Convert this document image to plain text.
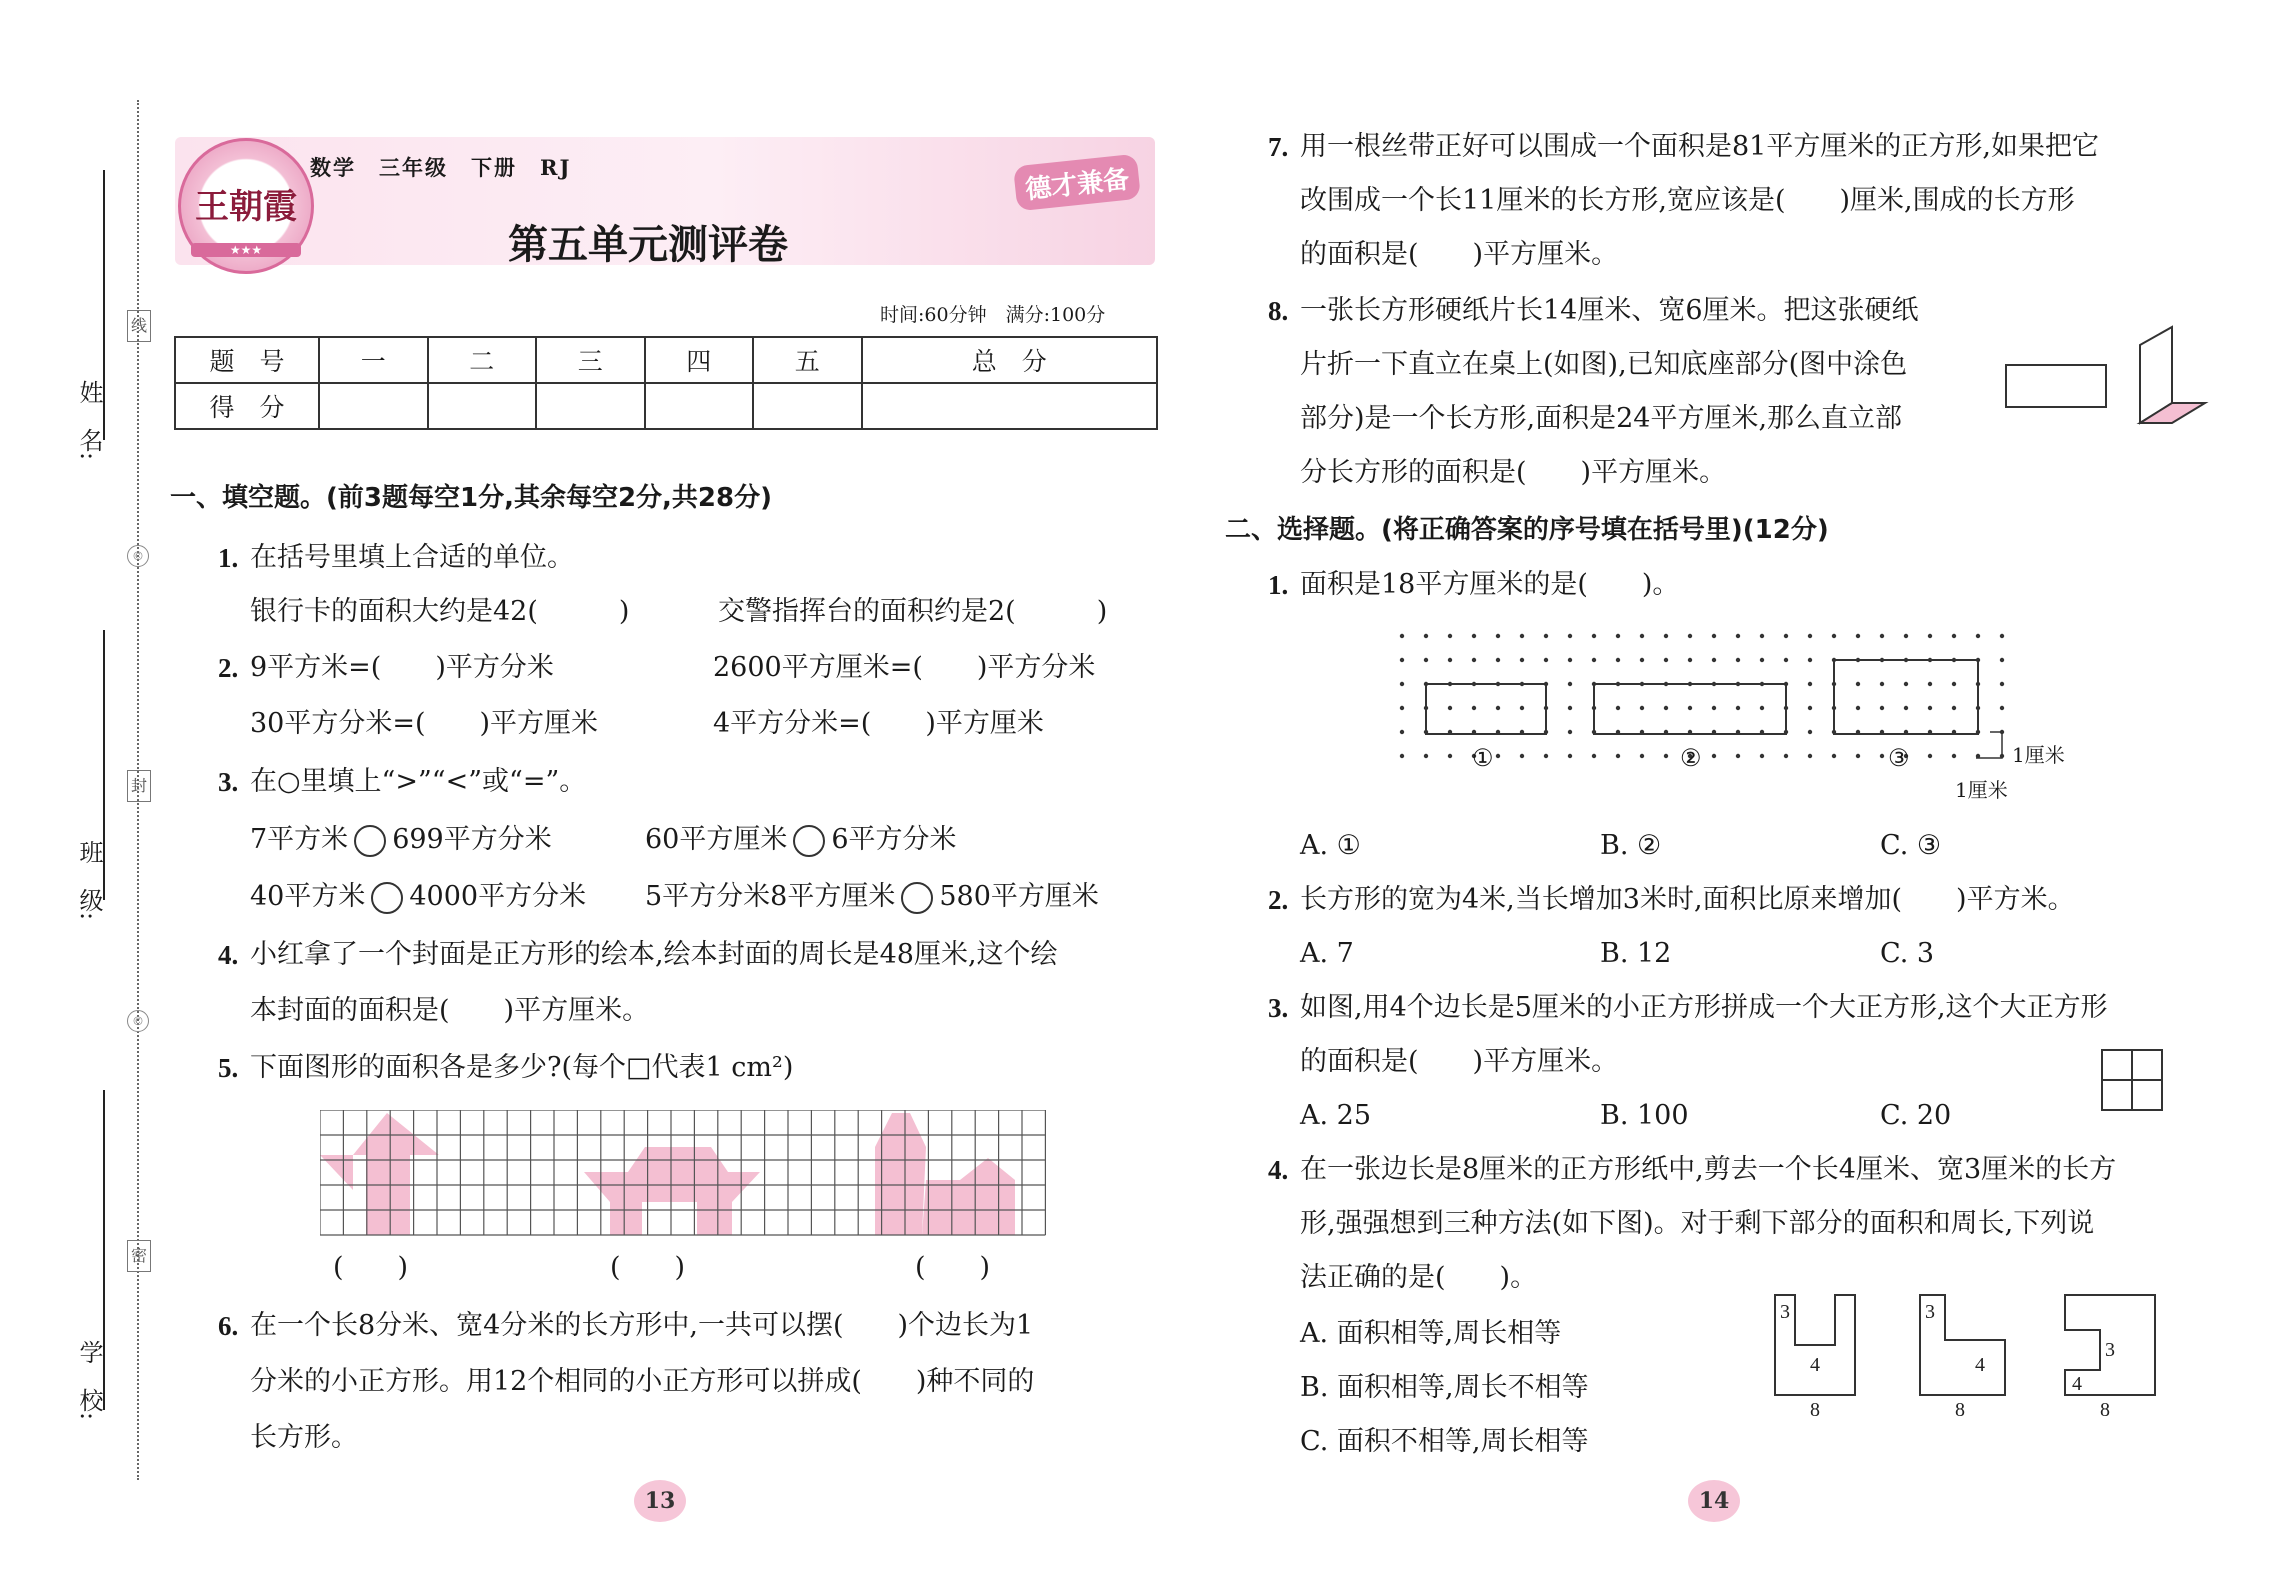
姓　名:
班　级:
学　校:
线
封
密
©
©
王朝霞
★★★
数学　三年级　下册　RJ	德才兼备
第五单元测评卷
时间:60分钟　满分:100分
题　号	一	二	三	四	五	总　分
得　分						
一、填空题。(前3题每空1分,其余每空2分,共28分)
1. 在括号里填上合适的单位。
银行卡的面积大约是42(　　　)	交警指挥台的面积约是2(　　　)
2. 9平方米=(　　)平方分米	2600平方厘米=(　　)平方分米
30平方分米=(　　)平方厘米	4平方分米=(　　)平方厘米
3. 在○里填上“>”“<”或“=”。
7平方米 699平方分米	60平方厘米 6平方分米
40平方米 4000平方分米 5平方分米8平方厘米 580平方厘米
4. 小红拿了一个封面是正方形的绘本,绘本封面的周长是48厘米,这个绘
本封面的面积是(　　)平方厘米。
5. 下面图形的面积各是多少?(每个□代表1 cm²)
(　　)	(　　)	(　　)
6. 在一个长8分米、宽4分米的长方形中,一共可以摆(　　)个边长为1
分米的小正方形。用12个相同的小正方形可以拼成(　　)种不同的
长方形。
13
7. 用一根丝带正好可以围成一个面积是81平方厘米的正方形,如果把它
改围成一个长11厘米的长方形,宽应该是(　　)厘米,围成的长方形
的面积是(　　)平方厘米。
8. 一张长方形硬纸片长14厘米、宽6厘米。把这张硬纸
片折一下直立在桌上(如图),已知底座部分(图中涂色
部分)是一个长方形,面积是24平方厘米,那么直立部
分长方形的面积是(　　)平方厘米。
二、选择题。(将正确答案的序号填在括号里)(12分)
1. 面积是18平方厘米的是(　　)。
①	②	③	1厘米
1厘米
A. ①	B. ②	C. ③
2. 长方形的宽为4米,当长增加3米时,面积比原来增加(　　)平方米。
A. 7	B. 12	C. 3
3. 如图,用4个边长是5厘米的小正方形拼成一个大正方形,这个大正方形
的面积是(　　)平方厘米。
A. 25	B. 100	C. 20
4. 在一张边长是8厘米的正方形纸中,剪去一个长4厘米、宽3厘米的长方
形,强强想到三种方法(如下图)。对于剩下部分的面积和周长,下列说
法正确的是(　　)。
A. 面积相等,周长相等
B. 面积相等,周长不相等
C. 面积不相等,周长相等
3
4
8
3
4
8
3
4
8
14
